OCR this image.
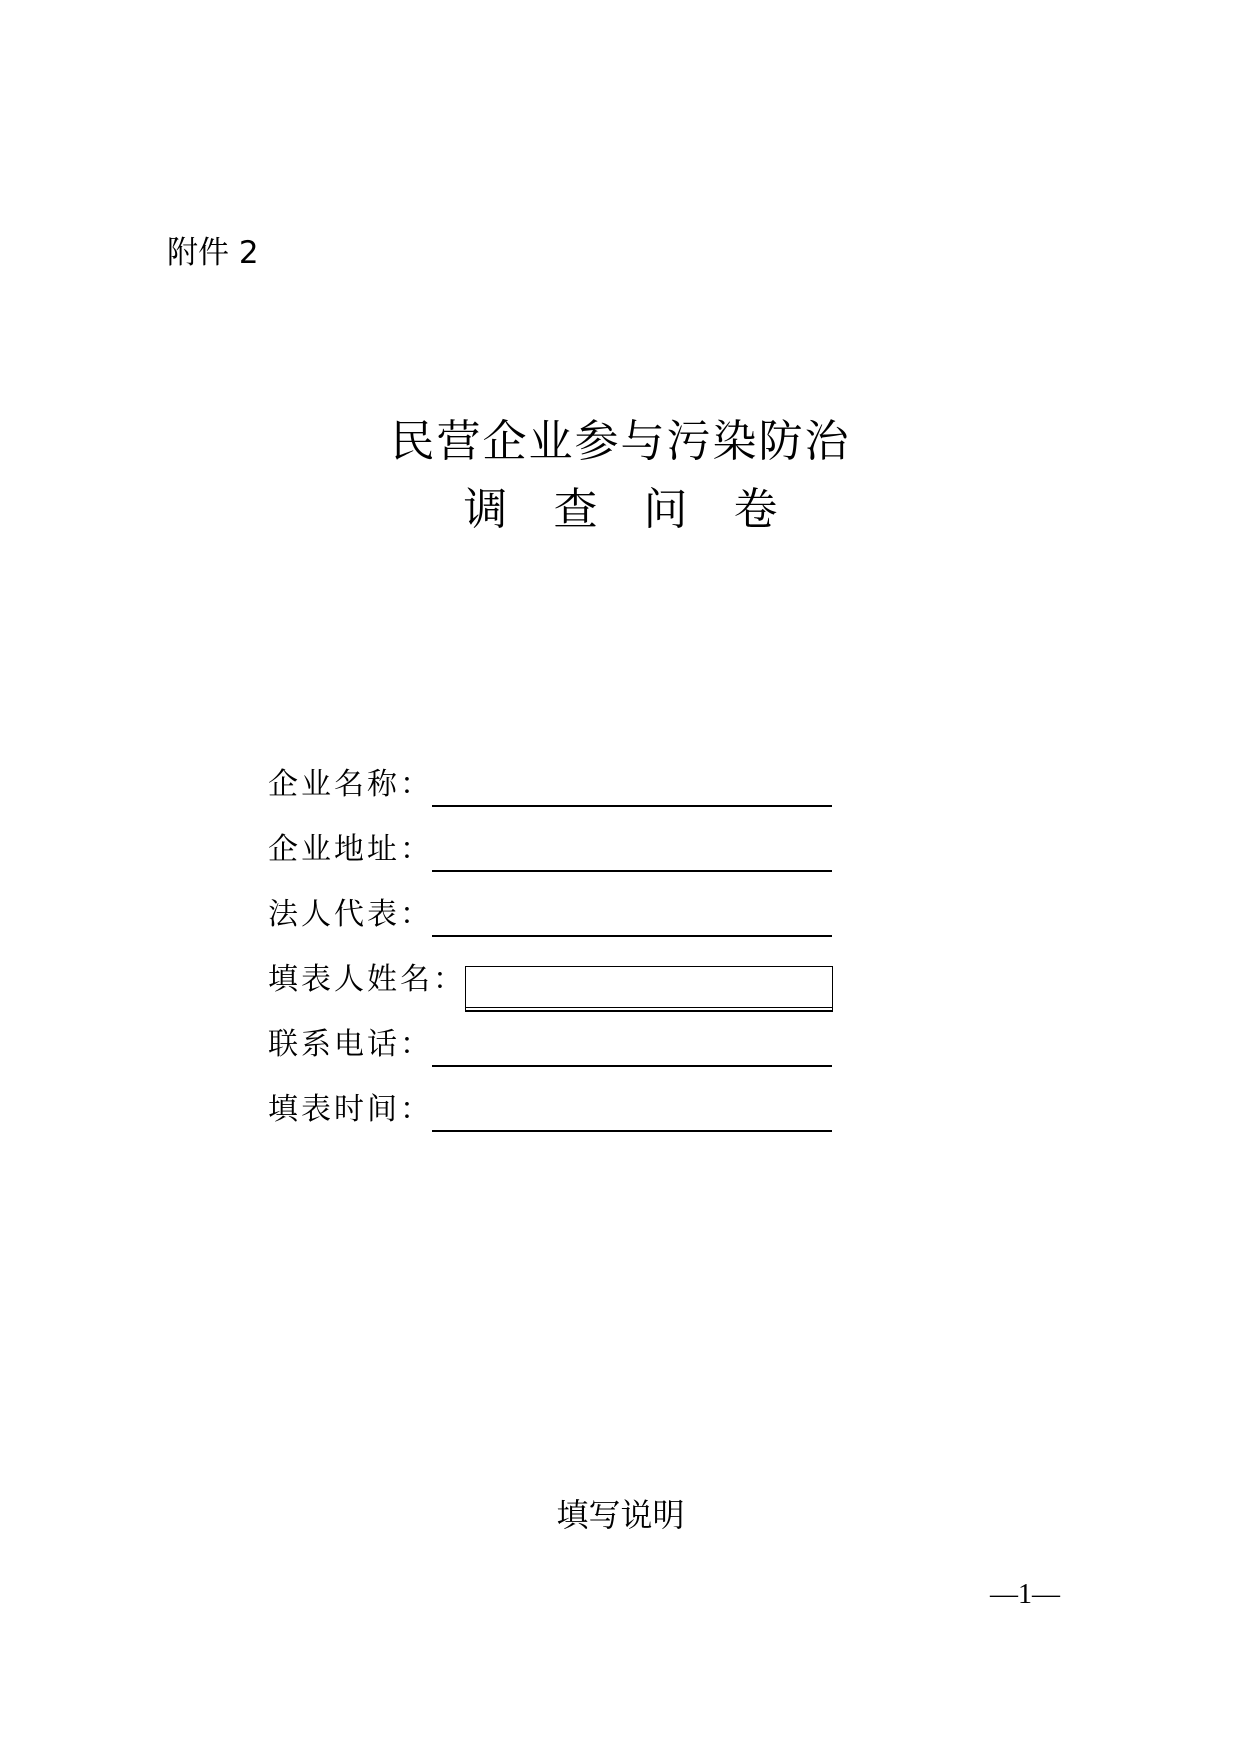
附件 2
民营企业参与污染防治
调 查 问 卷
企业名称：
企业地址：
法人代表：
填表人姓名：
联系电话：
填表时间：
填写说明
—1—
